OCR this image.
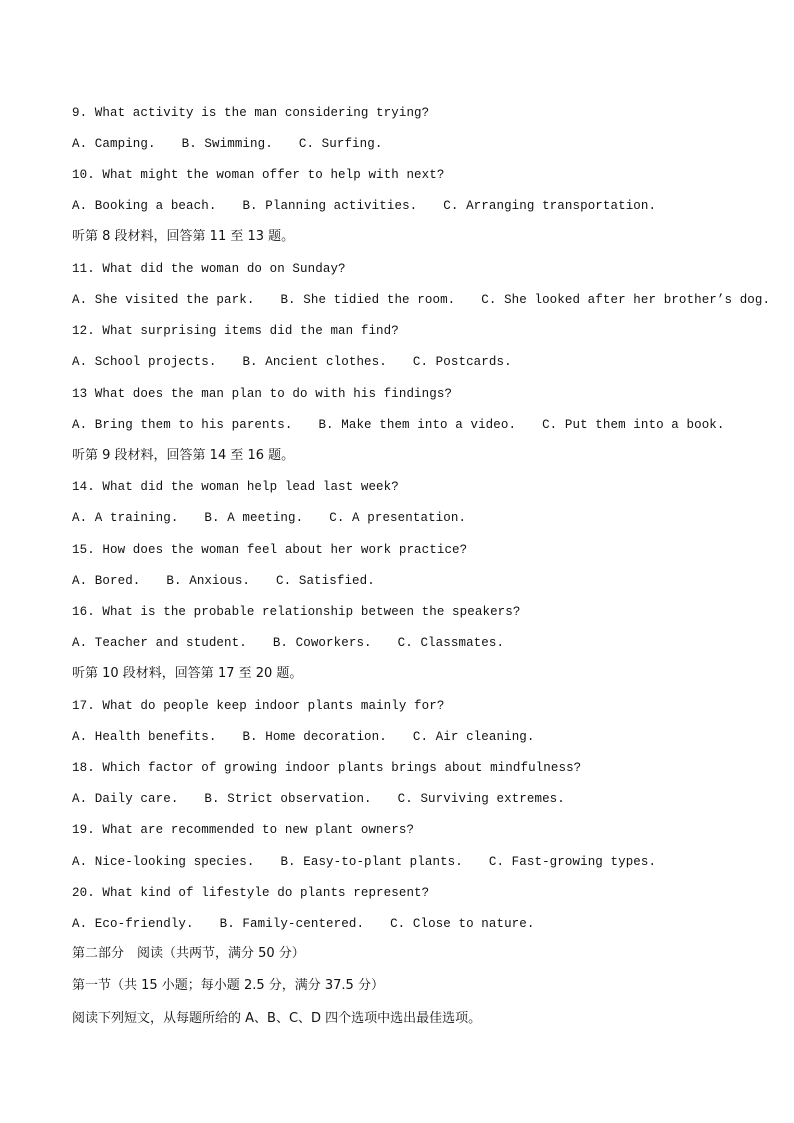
9. What activity is the man considering trying?
A. Camping. B. Swimming. C. Surfing.
10. What might the woman offer to help with next?
A. Booking a beach. B. Planning activities. C. Arranging transportation.
听第 8 段材料，回答第 11 至 13 题。
11. What did the woman do on Sunday?
A. She visited the park. B. She tidied the room. C. She looked after her brother’s dog.
12. What surprising items did the man find?
A. School projects. B. Ancient clothes. C. Postcards.
13 What does the man plan to do with his findings?
A. Bring them to his parents. B. Make them into a video. C. Put them into a book.
听第 9 段材料，回答第 14 至 16 题。
14. What did the woman help lead last week?
A. A training. B. A meeting. C. A presentation.
15. How does the woman feel about her work practice?
A. Bored. B. Anxious. C. Satisfied.
16. What is the probable relationship between the speakers?
A. Teacher and student. B. Coworkers. C. Classmates.
听第 10 段材料，回答第 17 至 20 题。
17. What do people keep indoor plants mainly for?
A. Health benefits. B. Home decoration. C. Air cleaning.
18. Which factor of growing indoor plants brings about mindfulness?
A. Daily care. B. Strict observation. C. Surviving extremes.
19. What are recommended to new plant owners?
A. Nice-looking species. B. Easy-to-plant plants. C. Fast-growing types.
20. What kind of lifestyle do plants represent?
A. Eco-friendly. B. Family-centered. C. Close to nature.
第二部分　阅读（共两节，满分 50 分）
第一节（共 15 小题；每小题 2.5 分，满分 37.5 分）
阅读下列短文，从每题所给的 A、B、C、D 四个选项中选出最佳选项。
